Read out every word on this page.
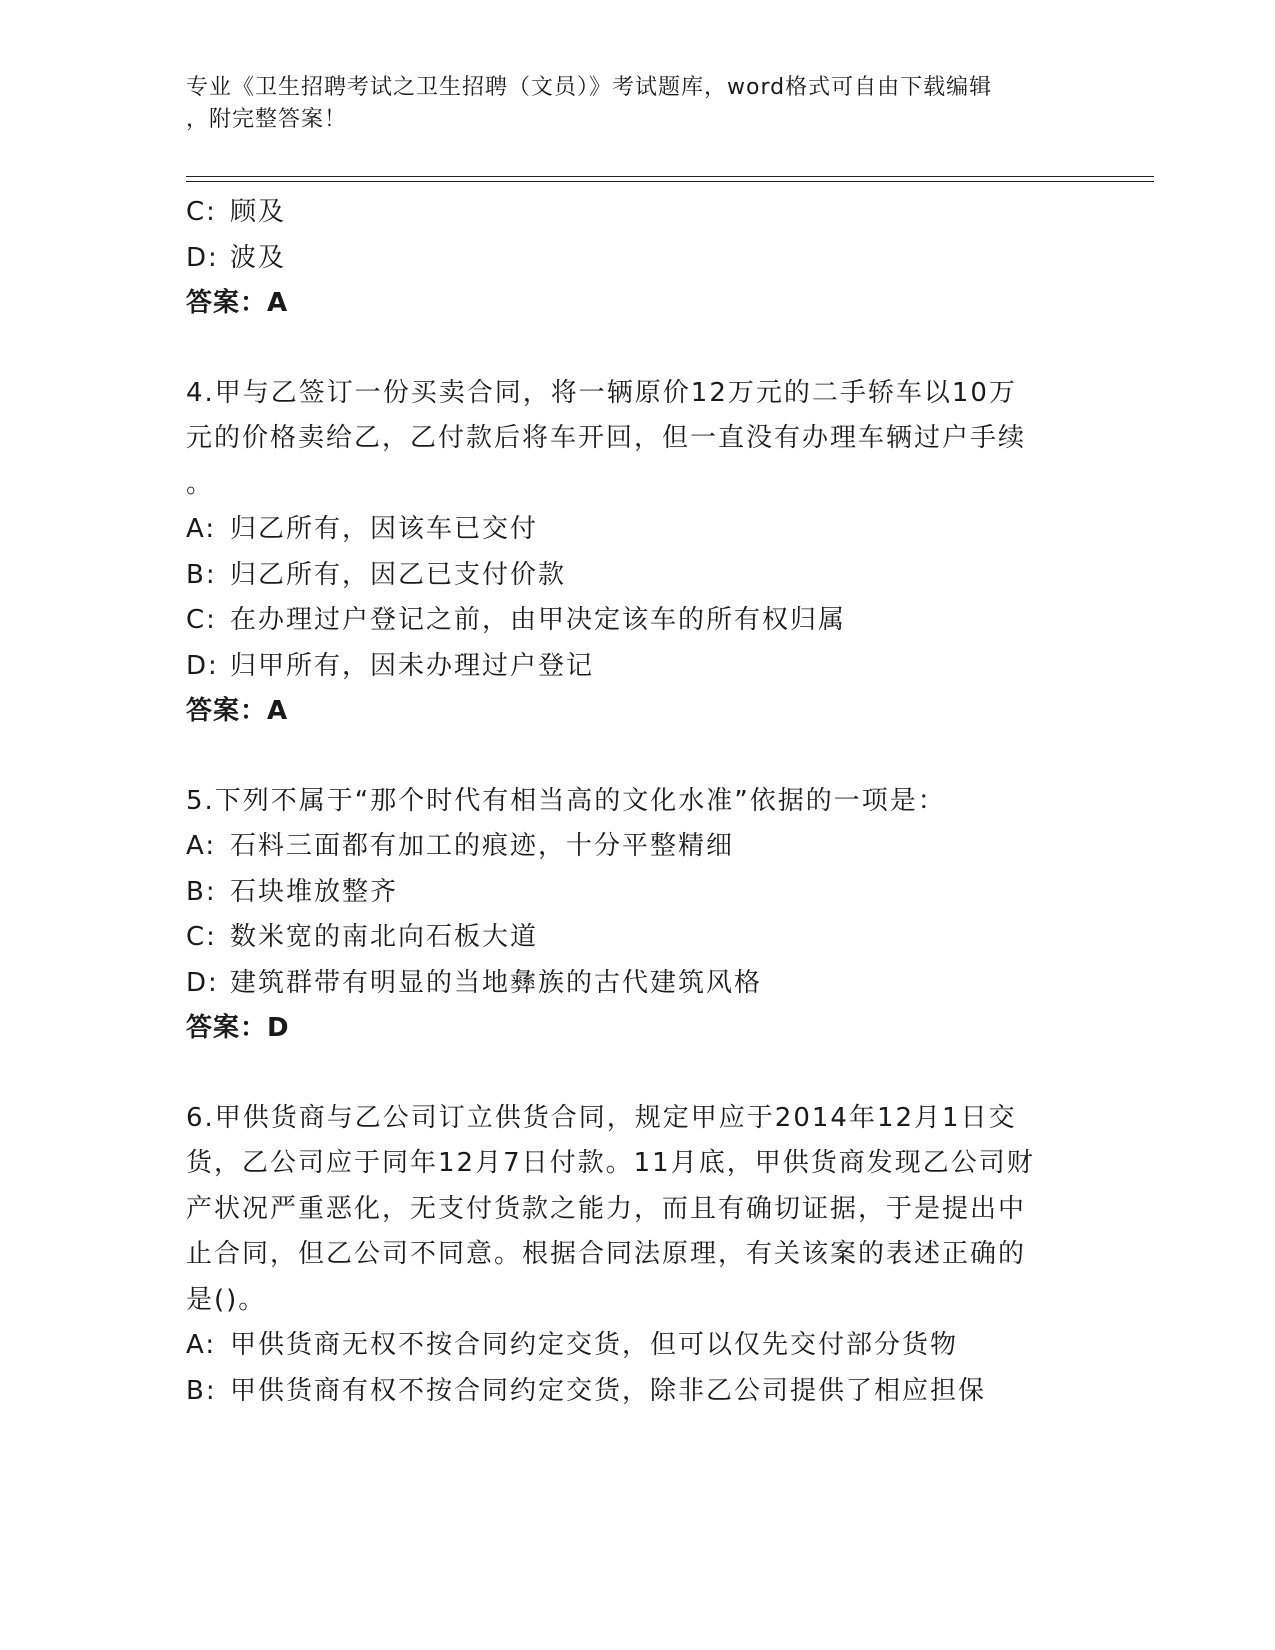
专业《卫生招聘考试之卫生招聘（文员）》考试题库，word格式可自由下载编辑
，附完整答案！
C: 顾及
D: 波及
答案：A
4.甲与乙签订一份买卖合同，将一辆原价12万元的二手轿车以10万
元的价格卖给乙，乙付款后将车开回，但一直没有办理车辆过户手续
。
A: 归乙所有，因该车已交付
B: 归乙所有，因乙已支付价款
C: 在办理过户登记之前，由甲决定该车的所有权归属
D: 归甲所有，因未办理过户登记
答案：A
5.下列不属于“那个时代有相当高的文化水准”依据的一项是：
A: 石料三面都有加工的痕迹，十分平整精细
B: 石块堆放整齐
C: 数米宽的南北向石板大道
D: 建筑群带有明显的当地彝族的古代建筑风格
答案：D
6.甲供货商与乙公司订立供货合同，规定甲应于2014年12月1日交
货，乙公司应于同年12月7日付款。11月底，甲供货商发现乙公司财
产状况严重恶化，无支付货款之能力，而且有确切证据，于是提出中
止合同，但乙公司不同意。根据合同法原理，有关该案的表述正确的
是()。
A: 甲供货商无权不按合同约定交货，但可以仅先交付部分货物
B: 甲供货商有权不按合同约定交货，除非乙公司提供了相应担保
